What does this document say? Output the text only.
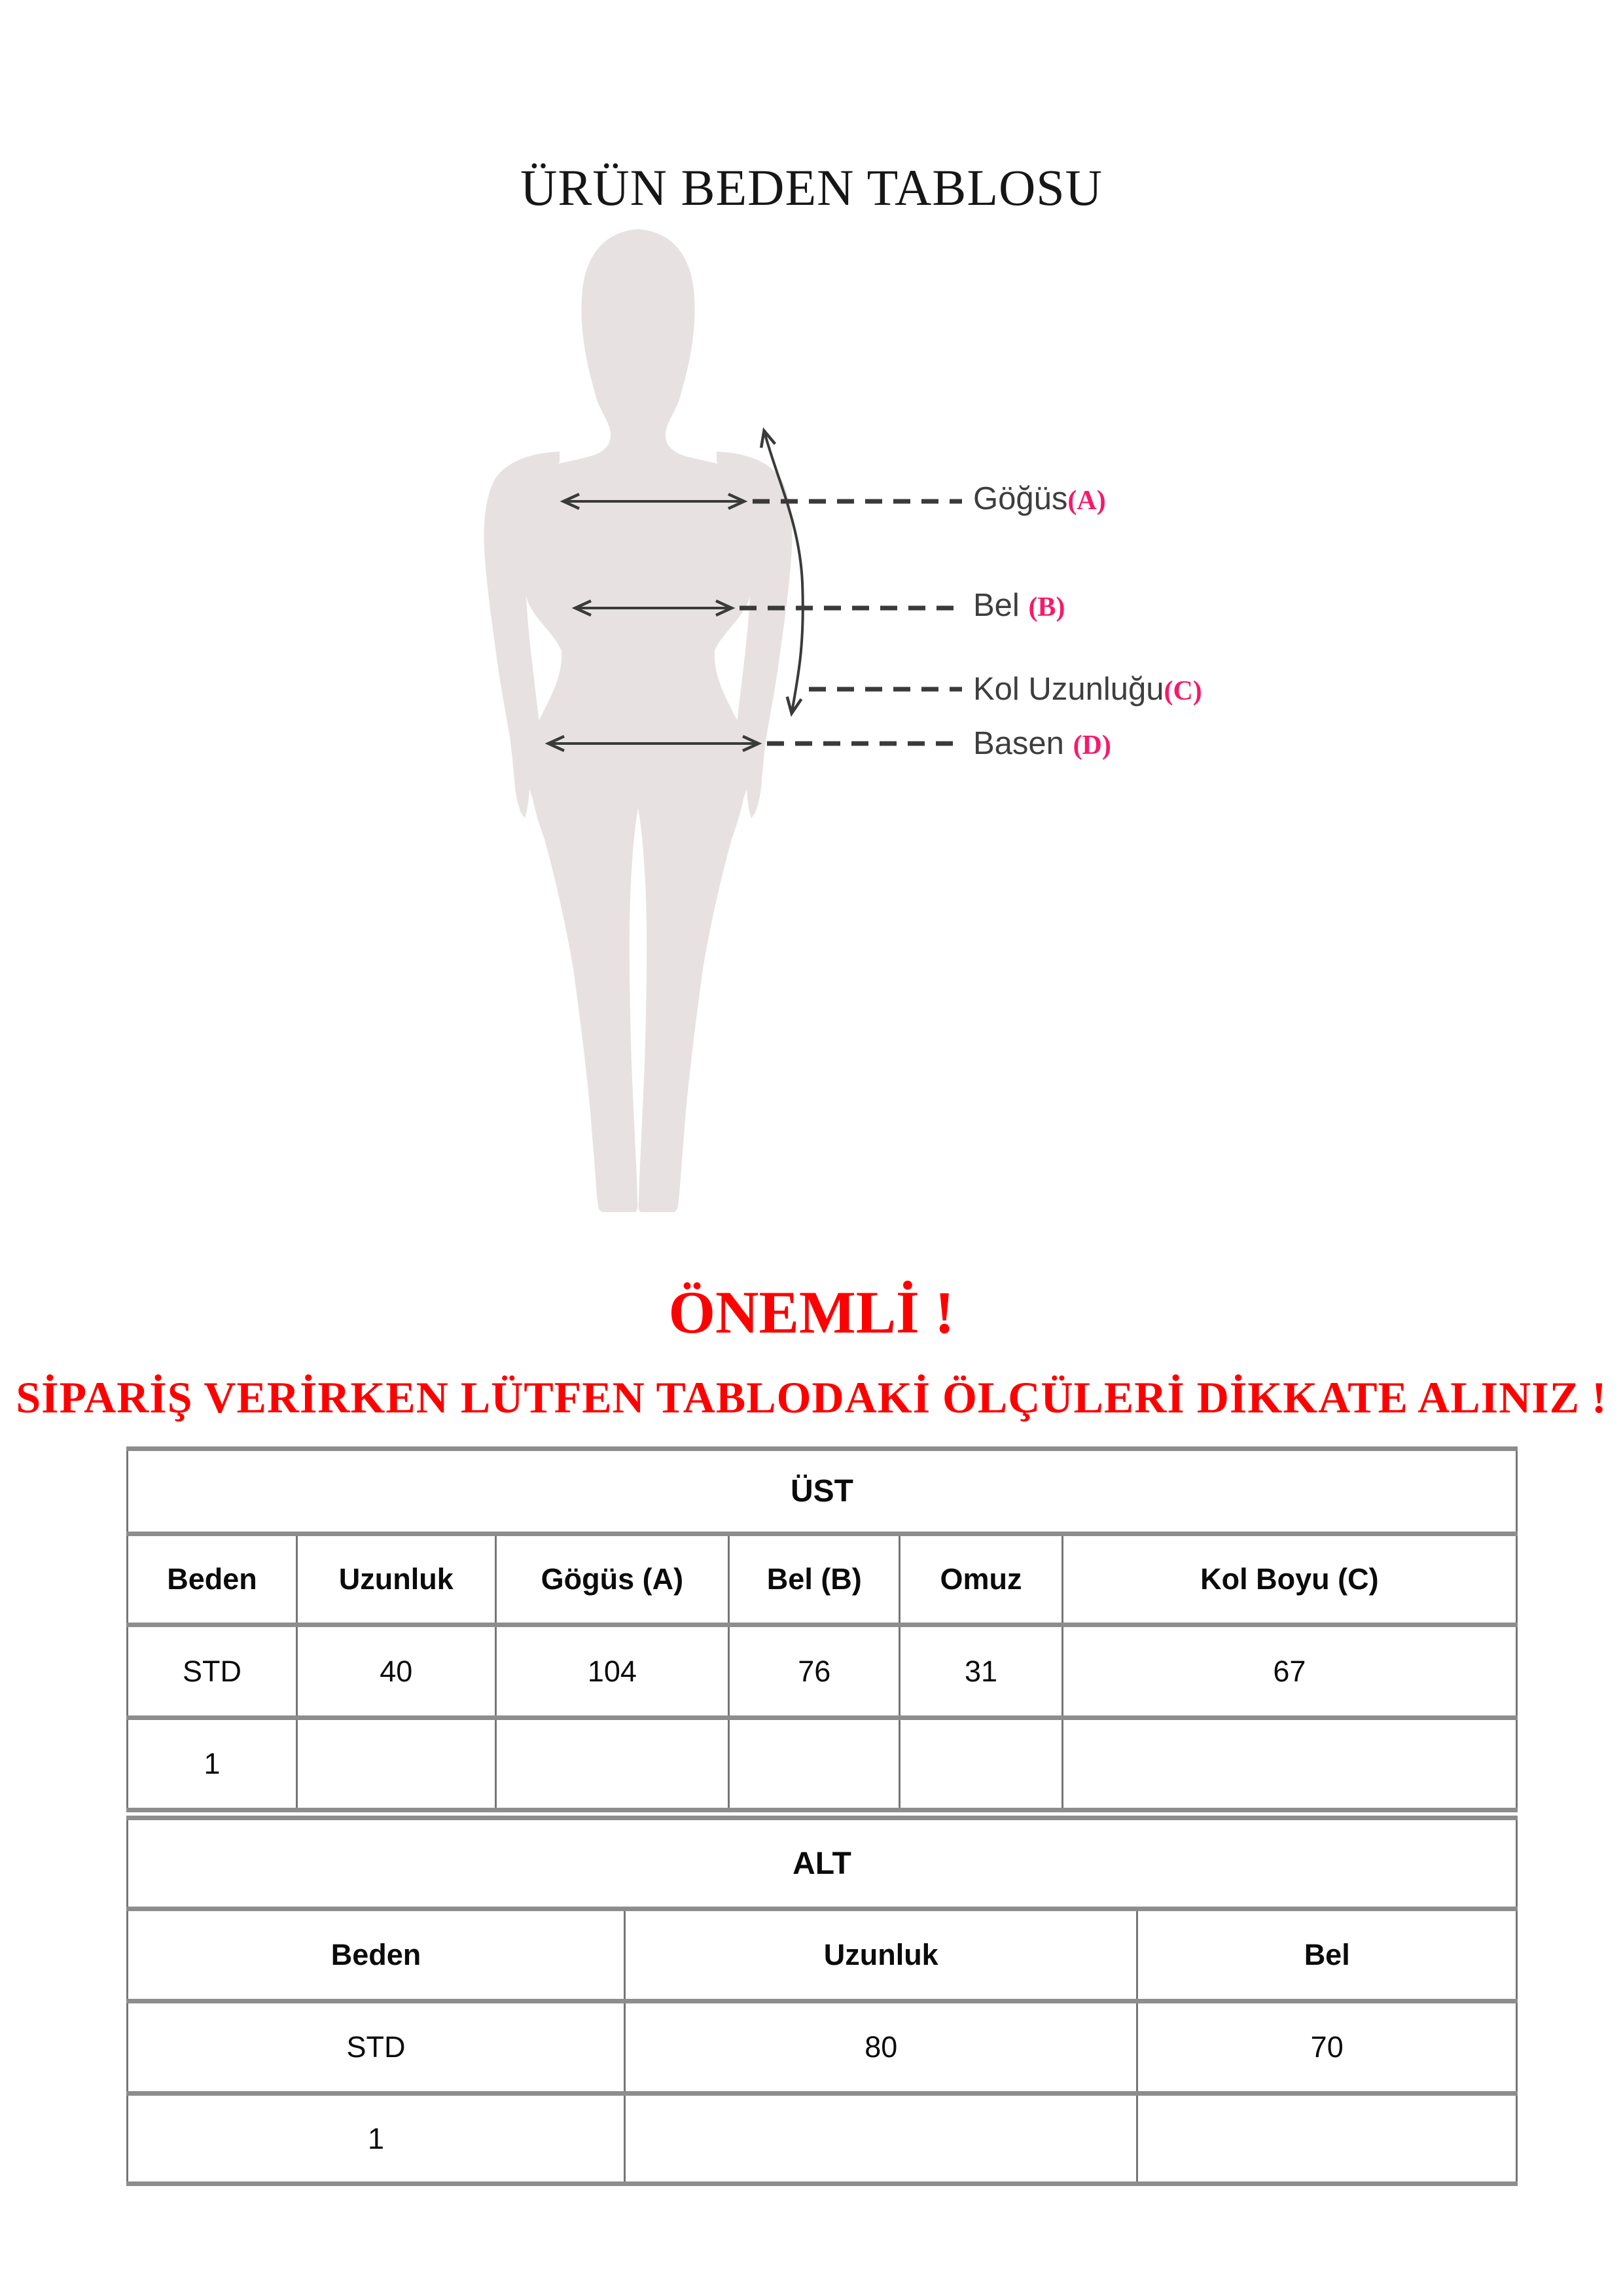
ÜRÜN BEDEN TABLOSU
Göğüs(A)
Bel (B)
Kol Uzunluğu(C)
Basen (D)
ÖNEMLİ !
SİPARİŞ VERİRKEN LÜTFEN TABLODAKİ ÖLÇÜLERİ DİKKATE ALINIZ !
ÜST					
Beden	Uzunluk	Gögüs (A)	Bel (B)	Omuz	Kol Boyu (C)
STD	40	104	76	31	67
1					
ALT		
Beden	Uzunluk	Bel
STD	80	70
1		
